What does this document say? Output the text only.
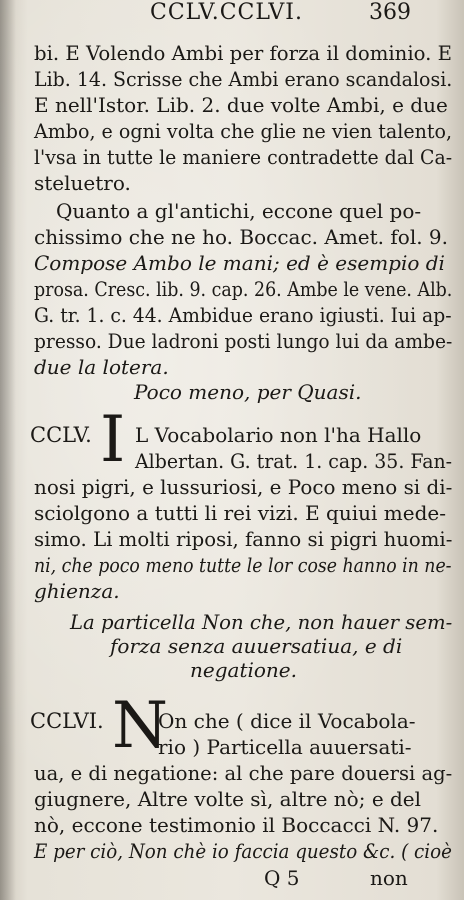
CCLV.CCLVI.	369
bi. E Volendo Ambi per forza il dominio. E
Lib. 14. Scrisse che Ambi erano scandalosi.
E nell'Istor. Lib. 2. due volte Ambi, e due
Ambo, e ogni volta che glie ne vien talento,
l'vsa in tutte le maniere contradette dal Ca-
steluetro.
Quanto a gl'antichi, eccone quel po-
chissimo che ne ho. Boccac. Amet. fol. 9.
Compose Ambo le mani; ed è esempio di
prosa. Cresc. lib. 9. cap. 26. Ambe le vene. Alb.
G. tr. 1. c. 44. Ambidue erano igiusti. Iui ap-
presso. Due ladroni posti lungo lui da ambe-
due la lotera.
Poco meno, per Quasi.
CCLV. I L Vocabolario non l'ha Hallo
Albertan. G. trat. 1. cap. 35. Fan-
nosi pigri, e lussuriosi, e Poco meno si di-
sciolgono a tutti li rei vizi. E quiui mede-
simo. Li molti riposi, fanno si pigri huomi-
ni, che poco meno tutte le lor cose hanno in ne-
ghienza.
La particella Non che, non hauer sem-
forza senza auuersatiua, e di
negatione.
CCLVI. N
On che ( dice il Vocabola-
rio ) Particella auuersati-
ua, e di negatione: al che pare douersi ag-
giugnere, Altre volte sì, altre nò; e del
nò, eccone testimonio il Boccacci N. 97.
E per ciò, Non chè io faccia questo &c. ( cioè
Q 5	non
